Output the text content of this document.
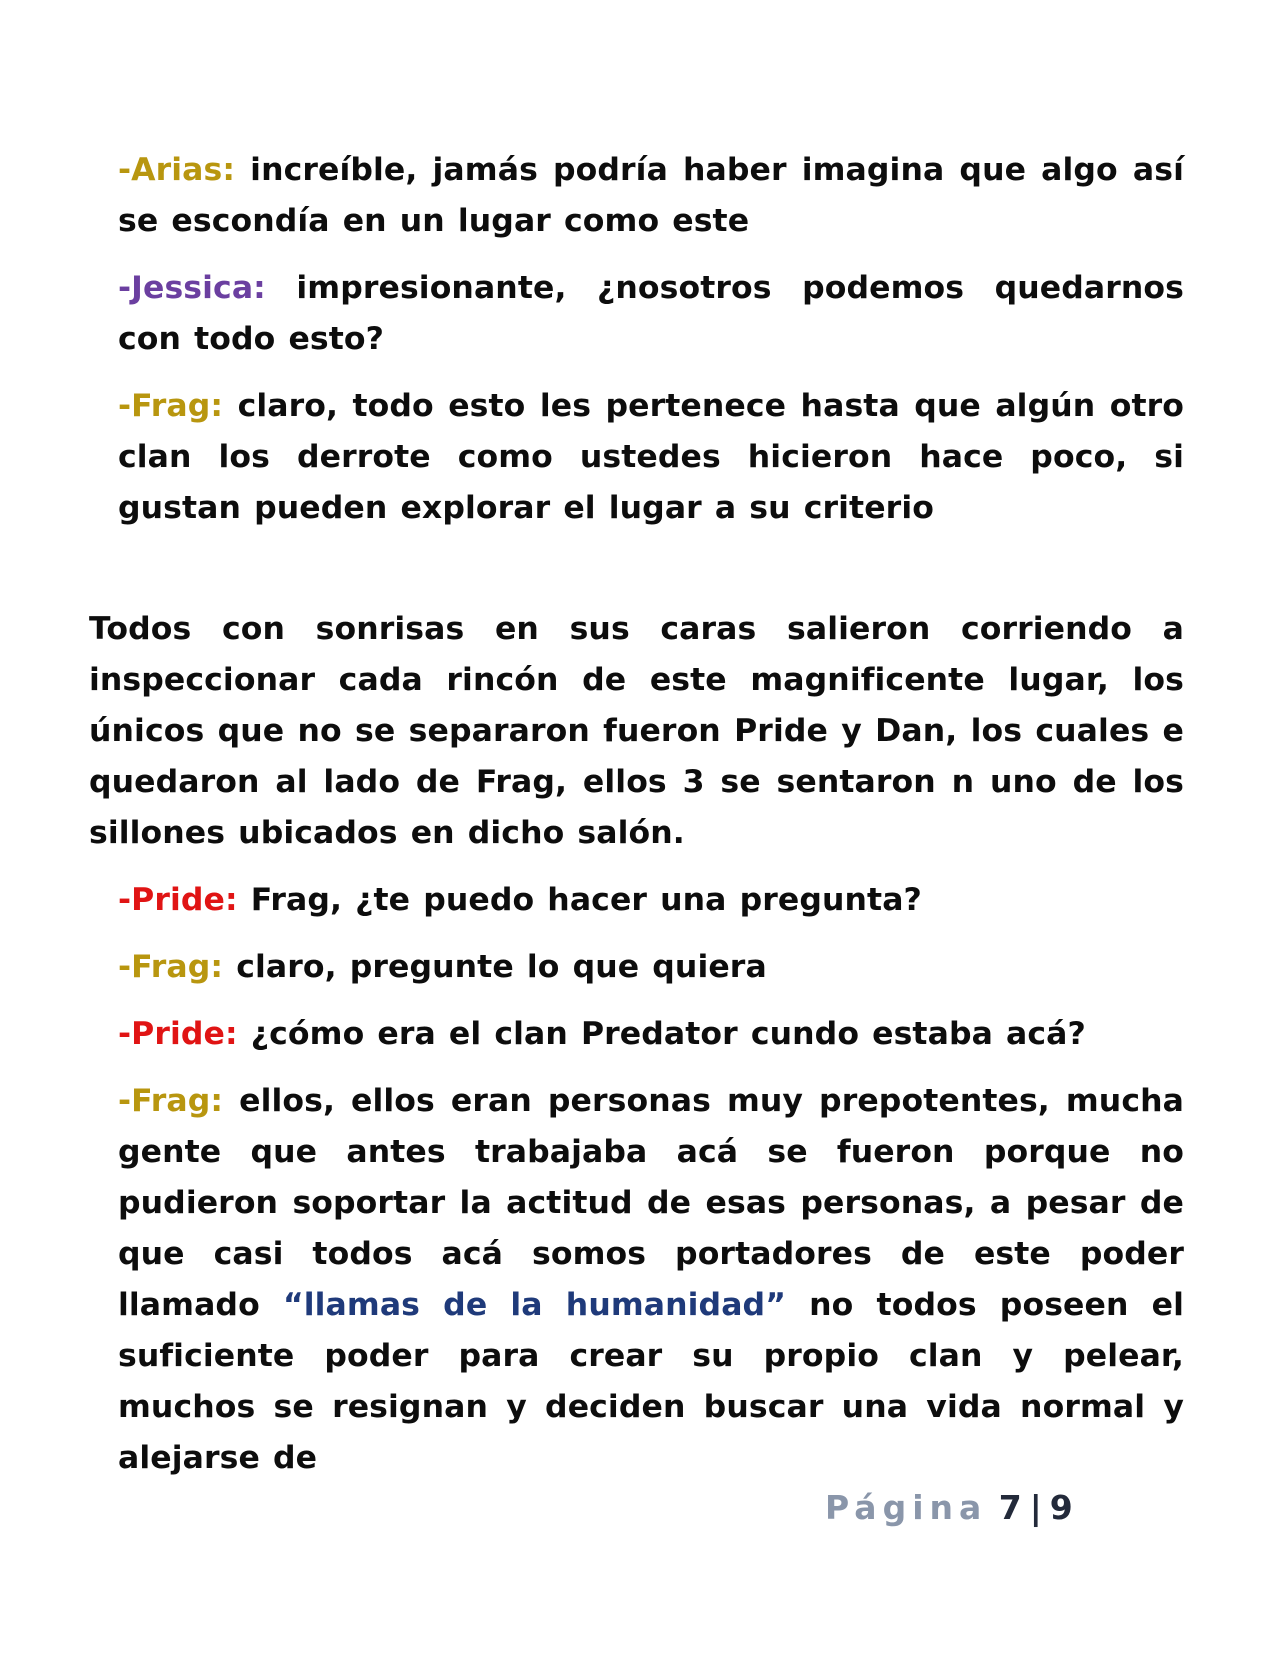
-Arias: increíble, jamás podría haber imagina que algo así se escondía en un lugar como este

-Jessica: impresionante, ¿nosotros podemos quedarnos con todo esto?

-Frag: claro, todo esto les pertenece hasta que algún otro clan los derrote como ustedes hicieron hace poco, si gustan pueden explorar el lugar a su criterio

Todos con sonrisas en sus caras salieron corriendo a inspeccionar cada rincón de este magnificente lugar, los únicos que no se separaron fueron Pride y Dan, los cuales e quedaron al lado de Frag, ellos 3 se sentaron n uno de los sillones ubicados en dicho salón.

-Pride: Frag, ¿te puedo hacer una pregunta?

-Frag: claro, pregunte lo que quiera

-Pride: ¿cómo era el clan Predator cundo estaba acá?

-Frag: ellos, ellos eran personas muy prepotentes, mucha gente que antes trabajaba acá se fueron porque no pudieron soportar la actitud de esas personas, a pesar de que casi todos acá somos portadores de este poder llamado “llamas de la humanidad” no todos poseen el suficiente poder para crear su propio clan y pelear, muchos se resignan y deciden buscar una vida normal y alejarse de

Página 7 | 9
